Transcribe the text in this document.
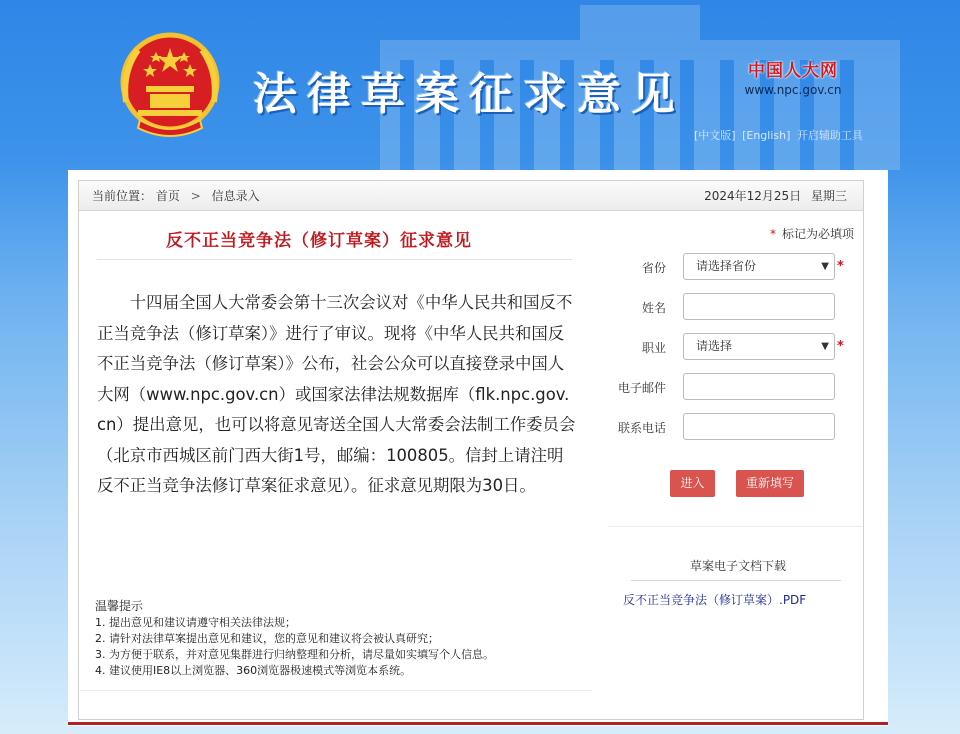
法律草案征求意见	中国人大网
www.npc.gov.cn
[中文版] [English] 开启辅助工具
当前位置： 首页 > 信息录入	2024年12月25日 星期三
反不正当竞争法（修订草案）征求意见
十四届全国人大常委会第十三次会议对《中华人民共和国反不正当竞争法（修订草案）》进行了审议。现将《中华人民共和国反不正当竞争法（修订草案）》公布，社会公众可以直接登录中国人大网（www.npc.gov.cn）或国家法律法规数据库（flk.npc.gov.cn）提出意见，也可以将意见寄送全国人大常委会法制工作委员会（北京市西城区前门西大街1号，邮编：100805。信封上请注明反不正当竞争法修订草案征求意见）。征求意见期限为30日。
温馨提示
1. 提出意见和建议请遵守相关法律法规；
2. 请针对法律草案提出意见和建议，您的意见和建议将会被认真研究；
3. 为方便于联系，并对意见集群进行归纳整理和分析，请尽量如实填写个人信息。
4. 建议使用IE8以上浏览器、360浏览器极速模式等浏览本系统。
* 标记为必填项
省份	请选择省份	▼ *
姓名
职业	请选择	▼ *
电子邮件
联系电话
进入	重新填写
草案电子文档下载
反不正当竞争法（修订草案）.PDF
